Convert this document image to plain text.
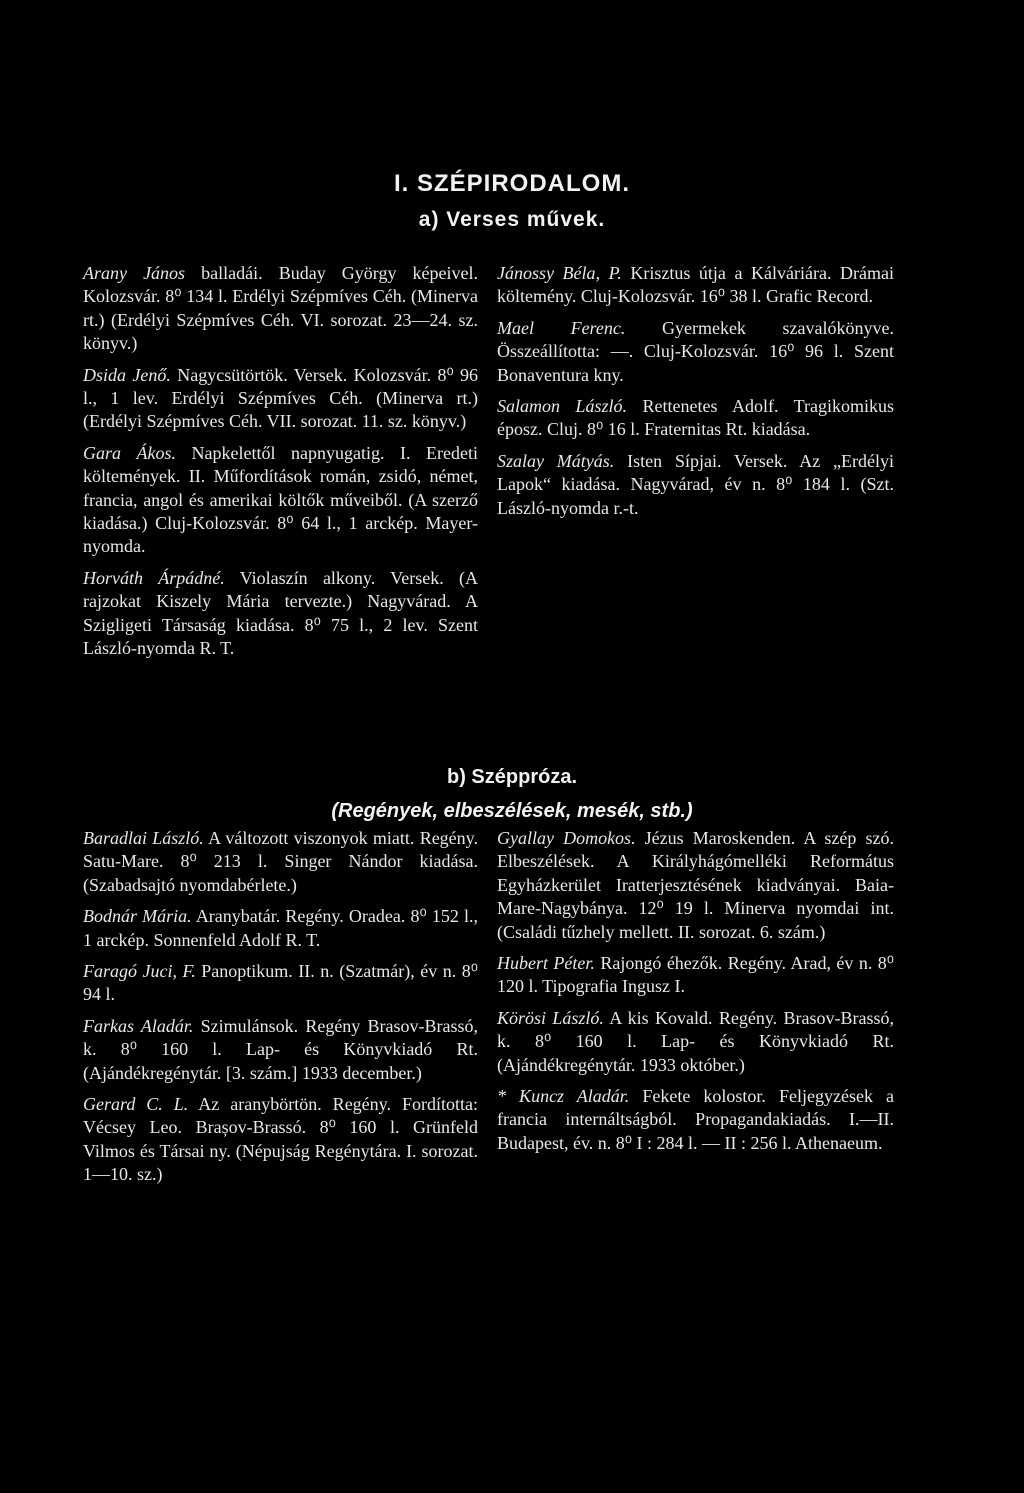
I. SZÉPIRODALOM.
a) Verses művek.

Arany János balladái. Buday György képeivel. Kolozsvár. 8⁰ 134 l. Erdélyi Szépmíves Céh. (Minerva rt.) (Erdélyi Szépmíves Céh. VI. sorozat. 23—24. sz. könyv.)

Dsida Jenő. Nagycsütörtök. Versek. Kolozsvár. 8⁰ 96 l., 1 lev. Erdélyi Szépmíves Céh. (Minerva rt.) (Erdélyi Szépmíves Céh. VII. sorozat. 11. sz. könyv.)

Gara Ákos. Napkelettől napnyugatig. I. Eredeti költemények. II. Műfordítások román, zsidó, német, francia, angol és amerikai költők műveiből. (A szerző kiadása.) Cluj-Kolozsvár. 8⁰ 64 l., 1 arckép. Mayer-nyomda.

Horváth Árpádné. Violaszín alkony. Versek. (A rajzokat Kiszely Mária tervezte.) Nagyvárad. A Szigligeti Társaság kiadása. 8⁰ 75 l., 2 lev. Szent László-nyomda R. T.

Jánossy Béla, P. Krisztus útja a Kálváriára. Drámai költemény. Cluj-Kolozsvár. 16⁰ 38 l. Grafic Record.

Mael Ferenc. Gyermekek szavalókönyve. Összeállította: —. Cluj-Kolozsvár. 16⁰ 96 l. Szent Bonaventura kny.

Salamon László. Rettenetes Adolf. Tragikomikus éposz. Cluj. 8⁰ 16 l. Fraternitas Rt. kiadása.

Szalay Mátyás. Isten Sípjai. Versek. Az „Erdélyi Lapok“ kiadása. Nagyvárad, év n. 8⁰ 184 l. (Szt. László-nyomda r.-t.

b) Széppróza.
(Regények, elbeszélések, mesék, stb.)

Baradlai László. A változott viszonyok miatt. Regény. Satu-Mare. 8⁰ 213 l. Singer Nándor kiadása. (Szabadsajtó nyomdabérlete.)

Bodnár Mária. Aranybatár. Regény. Oradea. 8⁰ 152 l., 1 arckép. Sonnenfeld Adolf R. T.

Faragó Juci, F. Panoptikum. II. n. (Szatmár), év n. 8⁰ 94 l.

Farkas Aladár. Szimulánsok. Regény Brasov-Brassó, k. 8⁰ 160 l. Lap- és Könyvkiadó Rt. (Ajándékregénytár. [3. szám.] 1933 december.)

Gerard C. L. Az aranybörtön. Regény. Fordította: Vécsey Leo. Brașov-Brassó. 8⁰ 160 l. Grünfeld Vilmos és Társai ny. (Népujság Regénytára. I. sorozat. 1—10. sz.)

Gyallay Domokos. Jézus Maroskenden. A szép szó. Elbeszélések. A Királyhágómelléki Református Egyházkerület Iratterjesztésének kiadványai. Baia-Mare-Nagybánya. 12⁰ 19 l. Minerva nyomdai int. (Családi tűzhely mellett. II. sorozat. 6. szám.)

Hubert Péter. Rajongó éhezők. Regény. Arad, év n. 8⁰ 120 l. Tipografia Ingusz I.

Körösi László. A kis Kovald. Regény. Brasov-Brassó, k. 8⁰ 160 l. Lap- és Könyvkiadó Rt. (Ajándékregénytár. 1933 október.)

* Kuncz Aladár. Fekete kolostor. Feljegyzések a francia internáltságból. Propagandakiadás. I.—II. Budapest, év. n. 8⁰ I : 284 l. — II : 256 l. Athenaeum.
